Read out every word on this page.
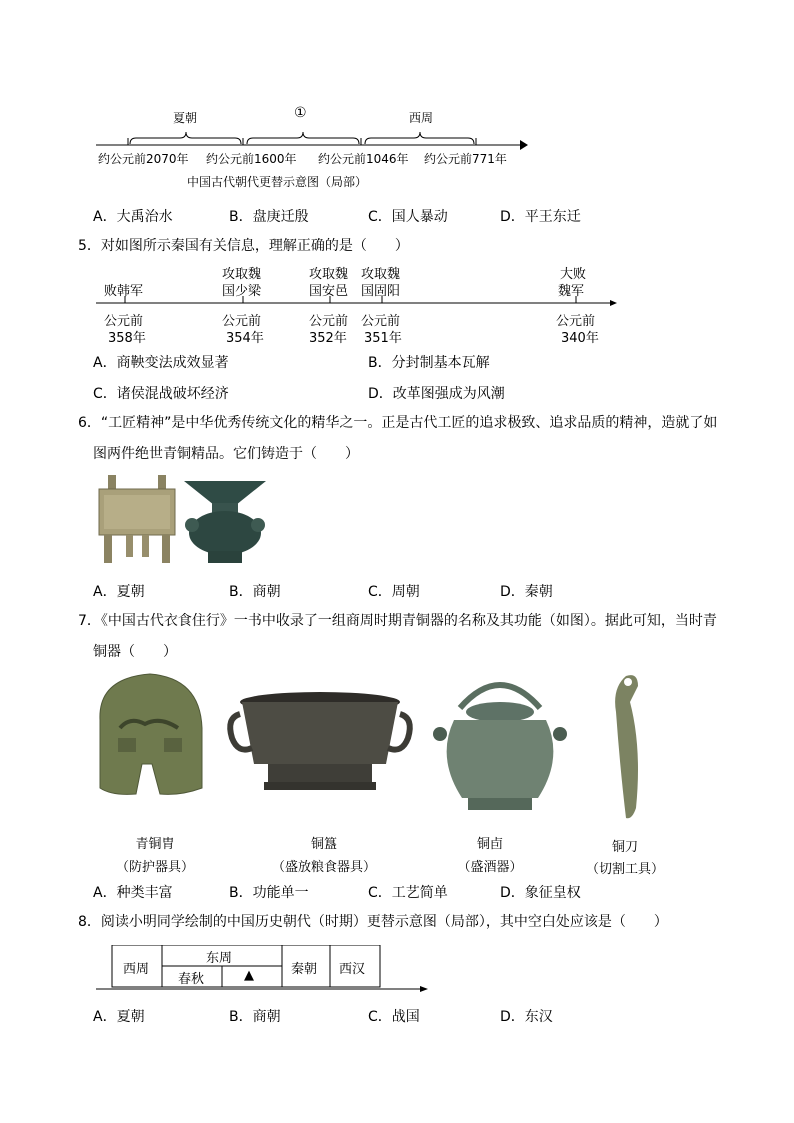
夏朝	①	西周
约公元前2070年 约公元前1600年 约公元前1046年 约公元前771年
中国古代朝代更替示意图（局部）
A．大禹治水	B．盘庚迁殷	C．国人暴动	D．平王东迁
5．对如图所示秦国有关信息，理解正确的是（　　）
败韩军
公元前
358年
攻取魏
国少梁
公元前
354年
攻取魏
国安邑
公元前
352年
攻取魏
国固阳
公元前
351年
大败
魏军
公元前
340年
A．商鞅变法成效显著	B．分封制基本瓦解
C．诸侯混战破坏经济	D．改革图强成为风潮
6．“工匠精神”是中华优秀传统文化的精华之一。正是古代工匠的追求极致、追求品质的精神，造就了如
图两件绝世青铜精品。它们铸造于（　　）
A．夏朝	B．商朝	C．周朝	D．秦朝
7．《中国古代衣食住行》一书中收录了一组商周时期青铜器的名称及其功能（如图）。据此可知，当时青
铜器（　　）
青铜胄
（防护器具）
铜簋
（盛放粮食器具）
铜卣
（盛酒器）
铜刀
（切割工具）
A．种类丰富	B．功能单一	C．工艺简单	D．象征皇权
8．阅读小明同学绘制的中国历史朝代（时期）更替示意图（局部），其中空白处应该是（　　）
西周
东周
春秋	▲	秦朝 西汉
A．夏朝	B．商朝	C．战国	D．东汉
